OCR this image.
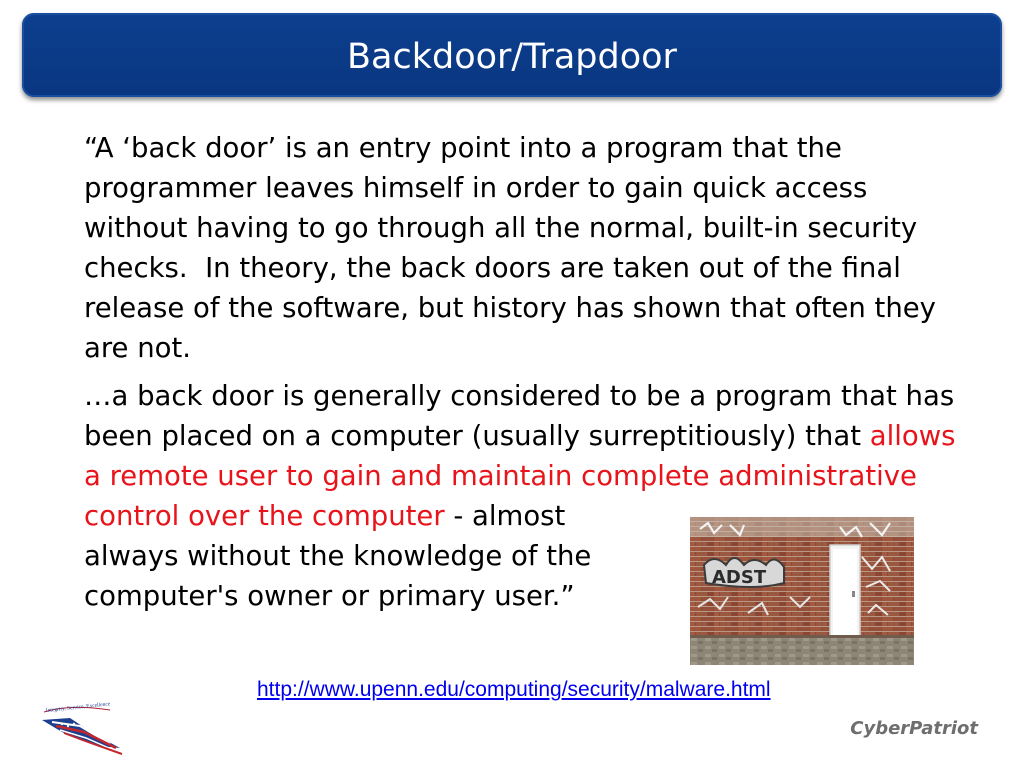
Backdoor/Trapdoor

“A ‘back door’ is an entry point into a program that the programmer leaves himself in order to gain quick access without having to go through all the normal, built-in security checks.  In theory, the back doors are taken out of the final release of the software, but history has shown that often they are not.

…a back door is generally considered to be a program that has been placed on a computer (usually surreptitiously) that allows a remote user to gain and maintain complete administrative
control over the computer - almost
always without the knowledge of the
computer's owner or primary user.”

ADST
http://www.upenn.edu/computing/security/malware.html
Integrity, Service, Excellence
CyberPatriot
